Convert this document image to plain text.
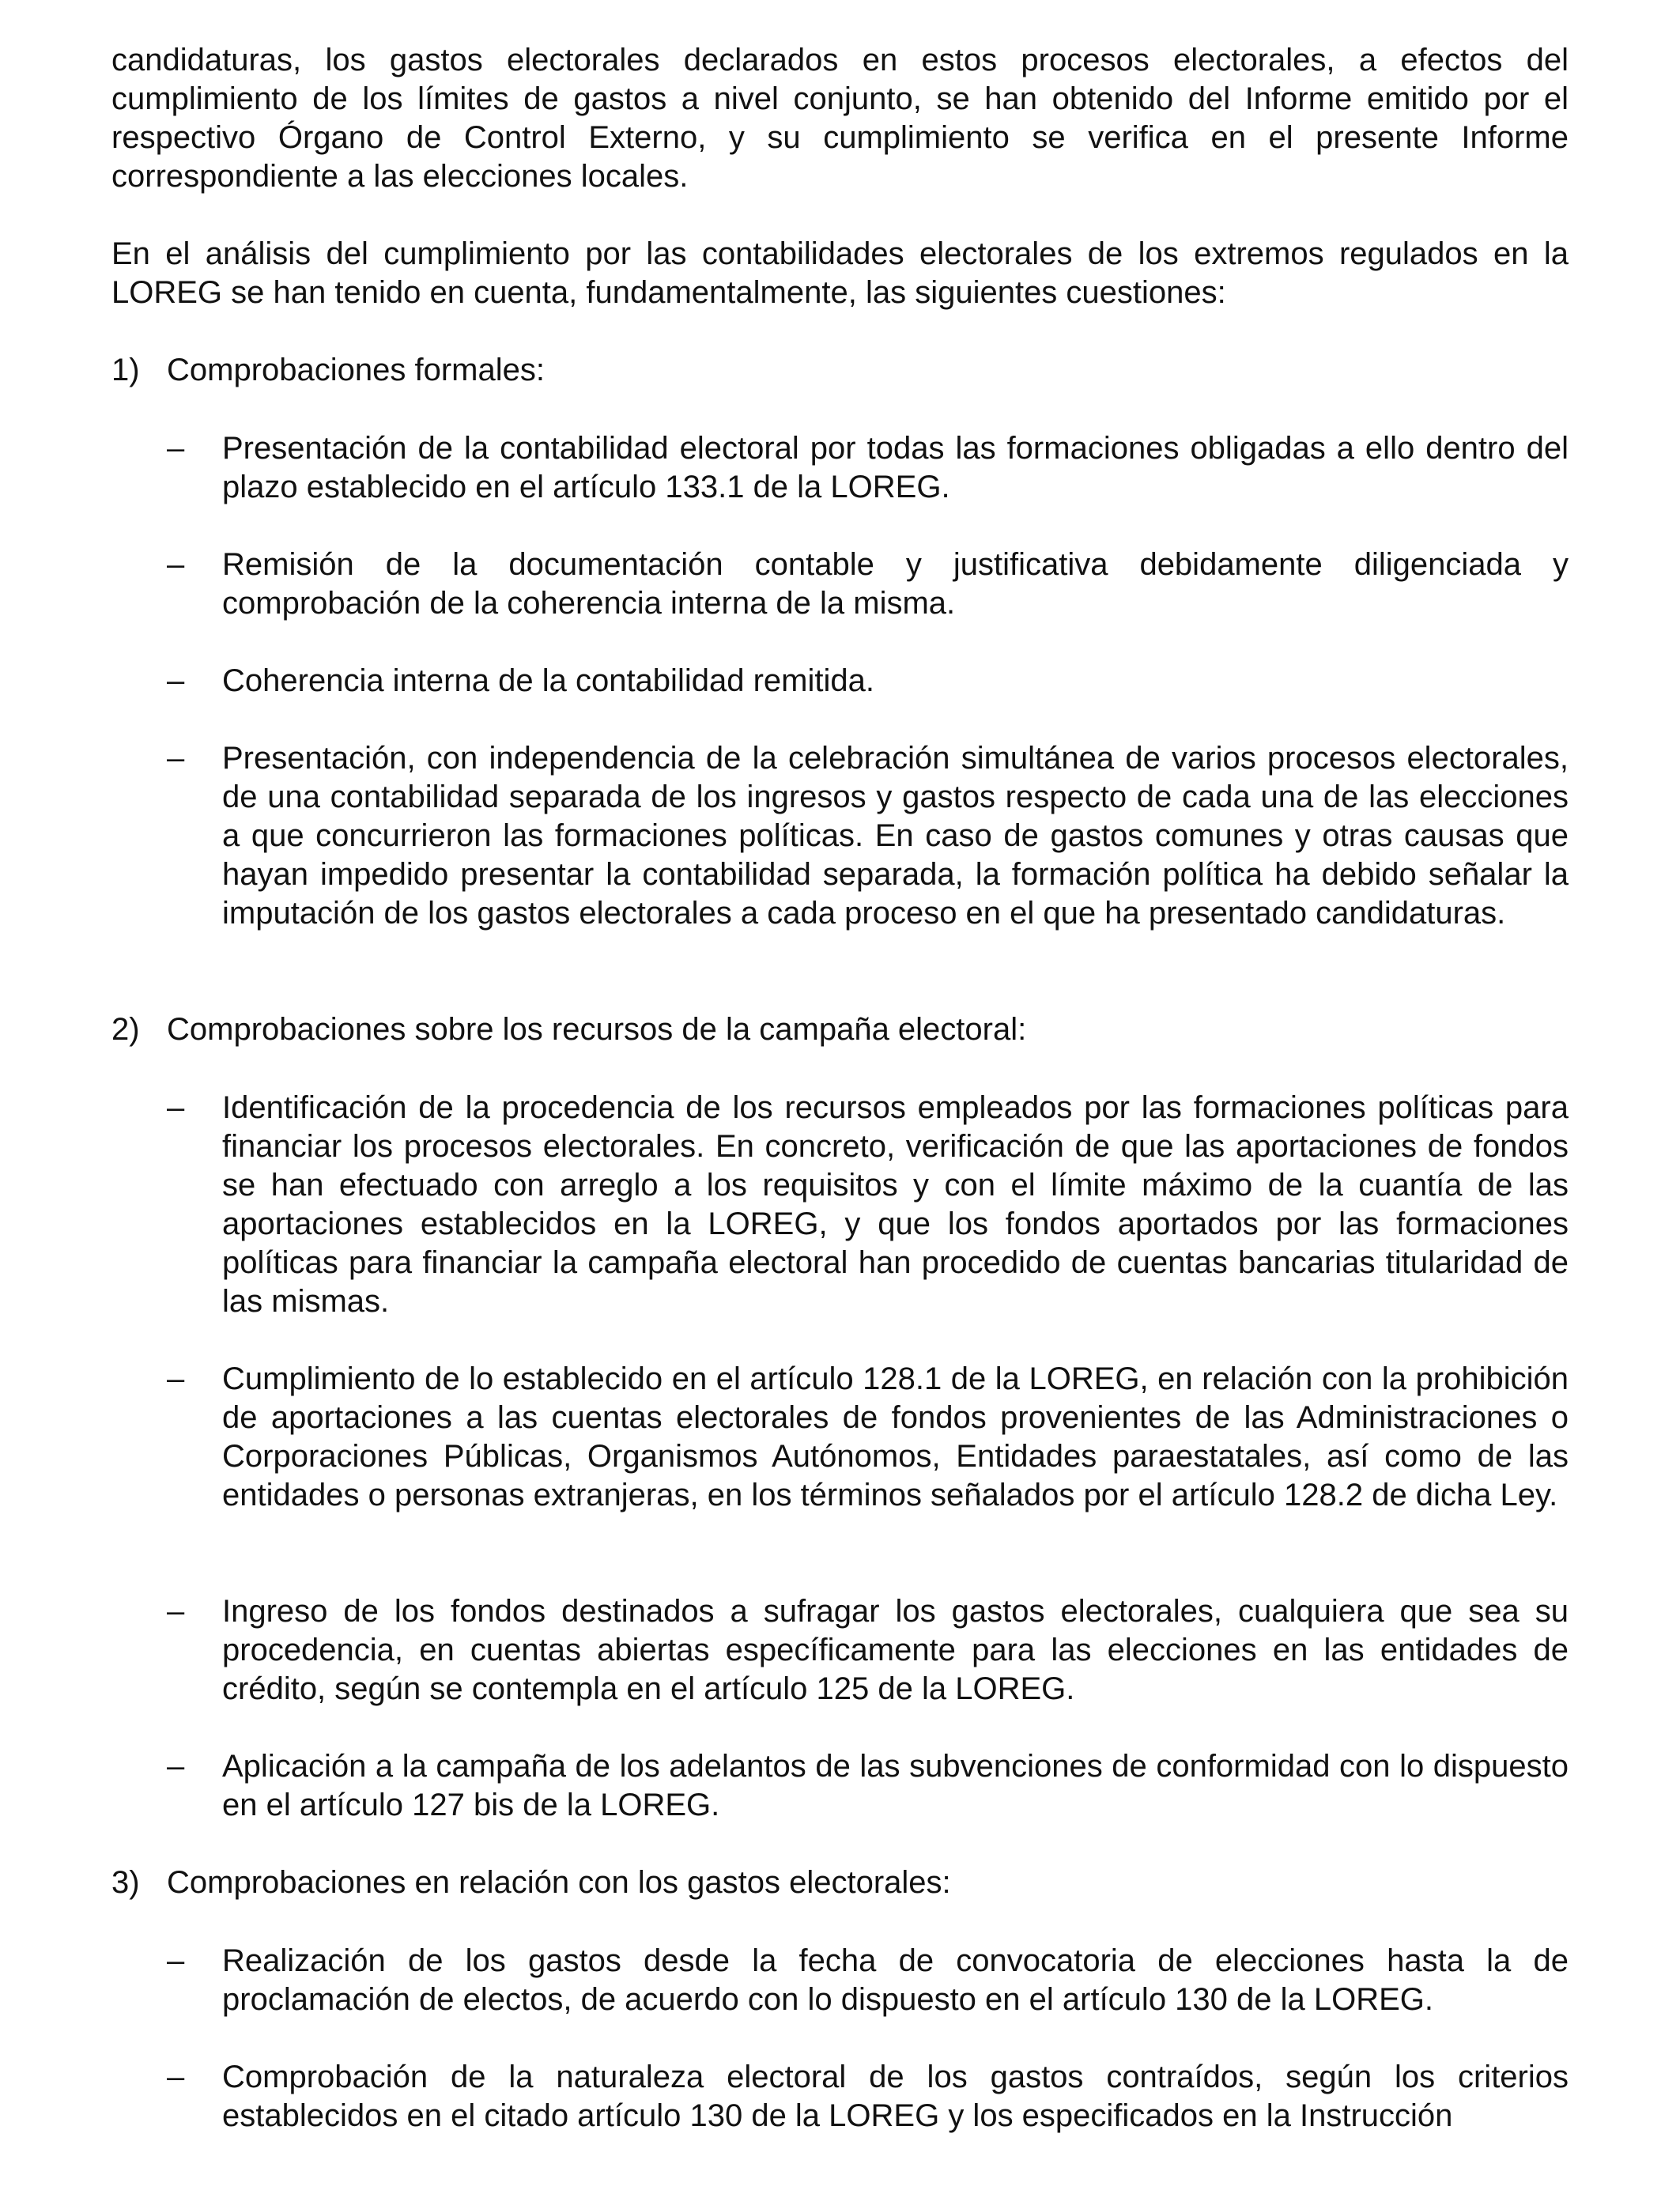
candidaturas, los gastos electorales declarados en estos procesos electorales, a efectos del cumplimiento de los límites de gastos a nivel conjunto, se han obtenido del Informe emitido por el respectivo Órgano de Control Externo, y su cumplimiento se verifica en el presente Informe correspondiente a las elecciones locales.

En el análisis del cumplimiento por las contabilidades electorales de los extremos regulados en la LOREG se han tenido en cuenta, fundamentalmente, las siguientes cuestiones:

1) Comprobaciones formales:

–	Presentación de la contabilidad electoral por todas las formaciones obligadas a ello dentro del plazo establecido en el artículo 133.1 de la LOREG.

–	Remisión de la documentación contable y justificativa debidamente diligenciada y comprobación de la coherencia interna de la misma.

–	Coherencia interna de la contabilidad remitida.

–	Presentación, con independencia de la celebración simultánea de varios procesos electorales, de una contabilidad separada de los ingresos y gastos respecto de cada una de las elecciones a que concurrieron las formaciones políticas. En caso de gastos comunes y otras causas que hayan impedido presentar la contabilidad separada, la formación política ha debido señalar la imputación de los gastos electorales a cada proceso en el que ha presentado candidaturas.

2) Comprobaciones sobre los recursos de la campaña electoral:

–	Identificación de la procedencia de los recursos empleados por las formaciones políticas para financiar los procesos electorales. En concreto, verificación de que las aportaciones de fondos se han efectuado con arreglo a los requisitos y con el límite máximo de la cuantía de las aportaciones establecidos en la LOREG, y que los fondos aportados por las formaciones políticas para financiar la campaña electoral han procedido de cuentas bancarias titularidad de las mismas.

–	Cumplimiento de lo establecido en el artículo 128.1 de la LOREG, en relación con la prohibición de aportaciones a las cuentas electorales de fondos provenientes de las Administraciones o Corporaciones Públicas, Organismos Autónomos, Entidades paraestatales, así como de las entidades o personas extranjeras, en los términos señalados por el artículo 128.2 de dicha Ley.

–	Ingreso de los fondos destinados a sufragar los gastos electorales, cualquiera que sea su procedencia, en cuentas abiertas específicamente para las elecciones en las entidades de crédito, según se contempla en el artículo 125 de la LOREG.

–	Aplicación a la campaña de los adelantos de las subvenciones de conformidad con lo dispuesto en el artículo 127 bis de la LOREG.

3) Comprobaciones en relación con los gastos electorales:

–	Realización de los gastos desde la fecha de convocatoria de elecciones hasta la de proclamación de electos, de acuerdo con lo dispuesto en el artículo 130 de la LOREG.

–	Comprobación de la naturaleza electoral de los gastos contraídos, según los criterios establecidos en el citado artículo 130 de la LOREG y los especificados en la Instrucción
